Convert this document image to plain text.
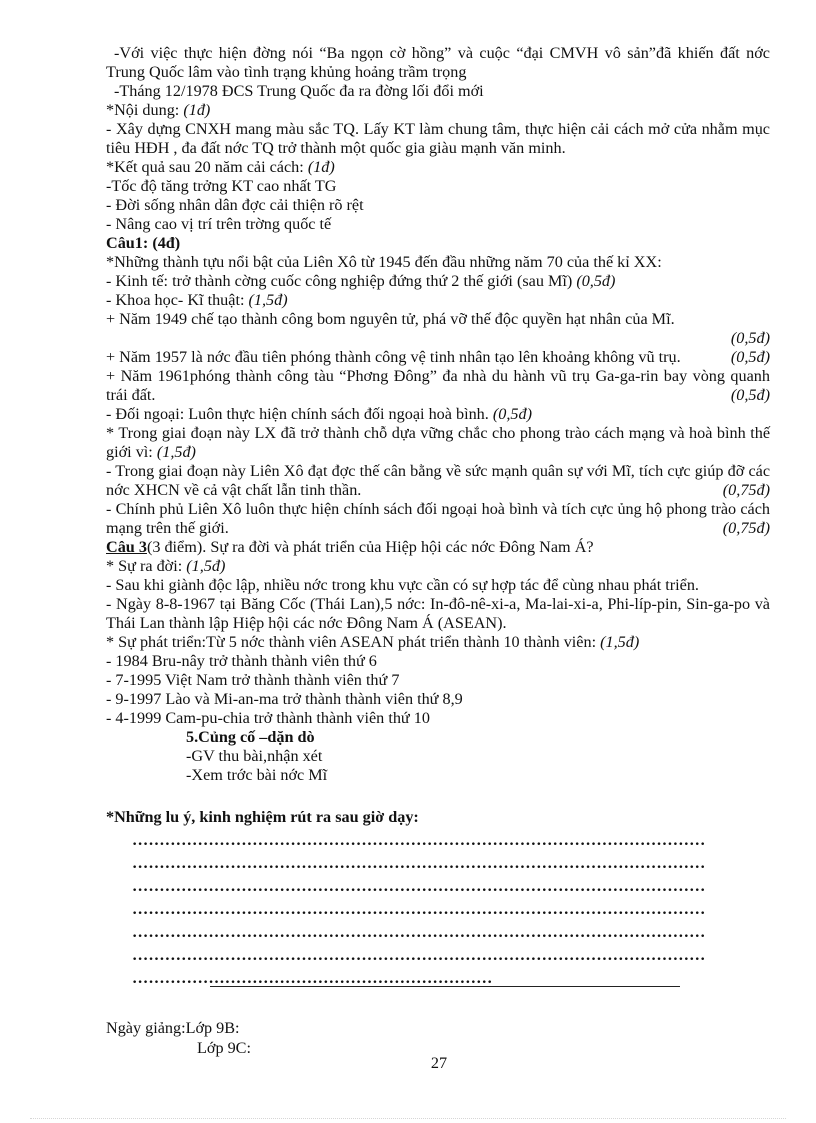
-Với việc thực hiện đờng nói “Ba ngọn cờ hồng” và cuộc “đại CMVH vô sản”đã khiến đất nớc Trung Quốc lâm vào tình trạng khủng hoảng trầm trọng

-Tháng 12/1978 ĐCS Trung Quốc đa ra đờng lối đổi mới

*Nội dung: (1đ)

- Xây dựng CNXH mang màu sắc TQ. Lấy KT làm chung tâm, thực hiện cải cách mở cửa nhằm mục tiêu HĐH , đa đất nớc TQ trở thành một quốc gia giàu mạnh văn minh.

*Kết quả sau 20 năm cải cách: (1đ)

-Tốc độ tăng trởng KT cao nhất TG

- Đời sống nhân dân đợc cải thiện rõ rệt

- Nâng cao vị trí trên trờng quốc tế

Câu1: (4đ)

*Những thành tựu nổi bật của Liên Xô từ 1945 đến đầu những năm 70 của thế kỉ XX:

- Kinh tế: trở thành cờng cuốc công nghiệp đứng thứ 2 thế giới (sau Mĩ) (0,5đ)

- Khoa học- Kĩ thuật: (1,5đ)

+ Năm 1949 chế tạo thành công bom nguyên tử, phá vỡ thế độc quyền hạt nhân của Mĩ.

(0,5đ)

+ Năm 1957 là nớc đầu tiên phóng thành công vệ tinh nhân tạo lên khoảng không vũ trụ.	(0,5đ)

+ Năm 1961phóng thành công tàu “Phơng Đông” đa nhà du hành vũ trụ Ga-ga-rin bay vòng quanh trái đất.	(0,5đ)

- Đối ngoại: Luôn thực hiện chính sách đối ngoại hoà bình. (0,5đ)

* Trong giai đoạn này LX đã trở thành chỗ dựa vững chắc cho phong trào cách mạng và hoà bình thế giới vì: (1,5đ)

- Trong giai đoạn này Liên Xô đạt đợc thế cân bằng về sức mạnh quân sự với Mĩ, tích cực giúp đỡ các nớc XHCN về cả vật chất lẫn tinh thần.	(0,75đ)

- Chính phủ Liên Xô luôn thực hiện chính sách đối ngoại hoà bình và tích cực ủng hộ phong trào cách mạng trên thế giới.	(0,75đ)

Câu 3(3 điểm). Sự ra đời và phát triển của Hiệp hội các nớc Đông Nam Á?

* Sự ra đời: (1,5đ)

- Sau khi giành độc lập, nhiều nớc trong khu vực cần có sự hợp tác để cùng nhau phát triển.

- Ngày 8-8-1967 tại Băng Cốc (Thái Lan),5 nớc: In-đô-nê-xi-a, Ma-lai-xi-a, Phi-líp-pin, Sin-ga-po và Thái Lan thành lập Hiệp hội các nớc Đông Nam Á (ASEAN).

* Sự phát triển:Từ 5 nớc thành viên ASEAN phát triển thành 10 thành viên: (1,5đ)

- 1984 Bru-nây trở thành thành viên thứ 6

- 7-1995 Việt Nam trở thành thành viên thứ 7

- 9-1997 Lào và Mi-an-ma trở thành thành viên thứ 8,9

- 4-1999 Cam-pu-chia trở thành thành viên thứ 10

5.Củng cố –dặn dò

-GV thu bài,nhận xét

-Xem trớc bài nớc Mĩ

*Những lu ý, kinh nghiệm rút ra sau giờ dạy:

……………………………………………………………………………………………
……………………………………………………………………………………………
……………………………………………………………………………………………
……………………………………………………………………………………………
……………………………………………………………………………………………
……………………………………………………………………………………………
…………………………………………………………
Ngày giảng:Lớp 9B:
Lớp 9C:
27
